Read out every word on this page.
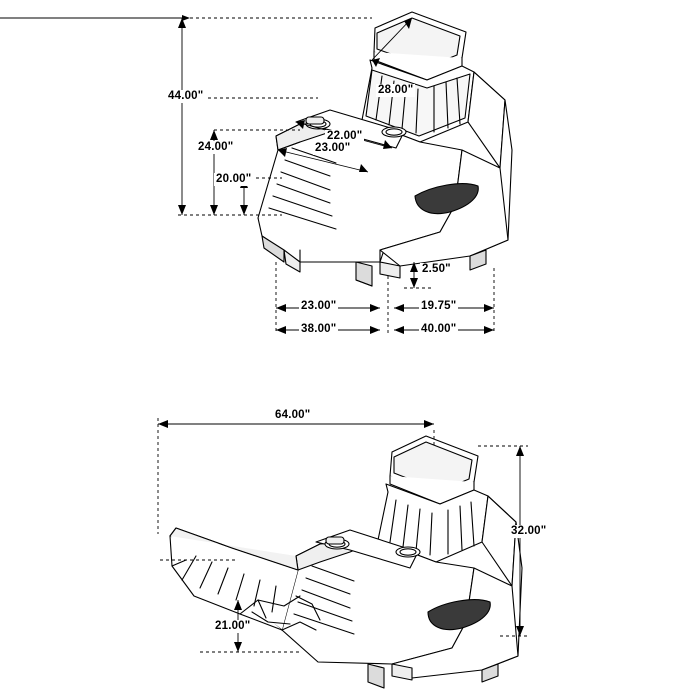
44.00"	28.00"
24.00"
22.00"
23.00"
20.00"
2.50"
23.00"	19.75"
38.00"	40.00"
64.00"
32.00"
21.00"
